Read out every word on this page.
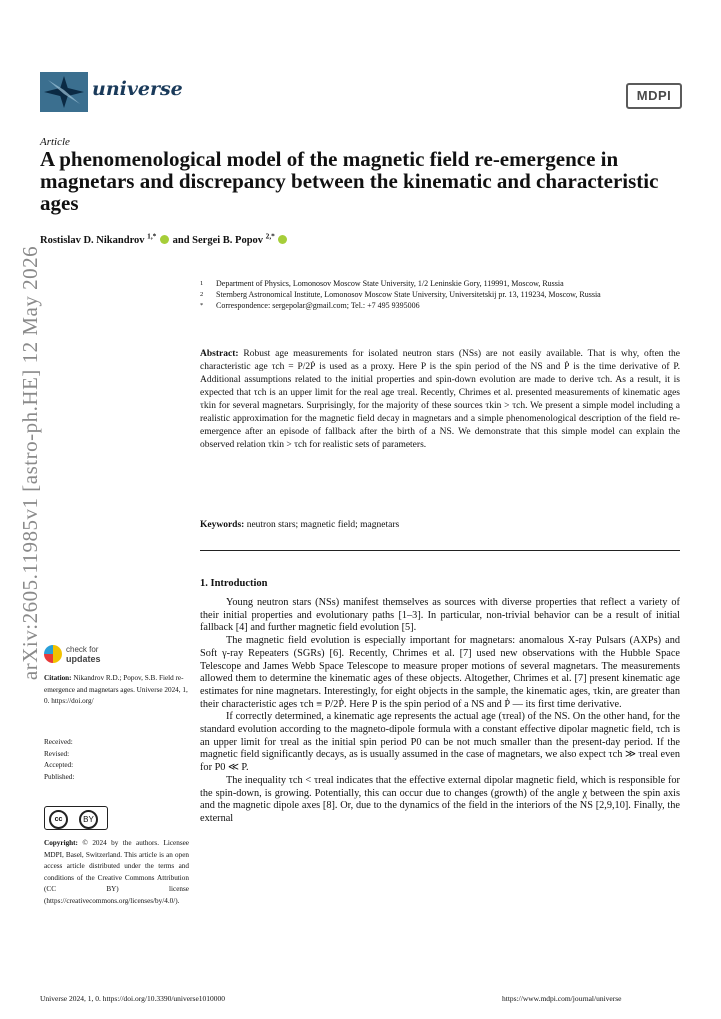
universe	MDPI
Article
A phenomenological model of the magnetic field re-emergence in magnetars and discrepancy between the kinematic and characteristic ages
Rostislav D. Nikandrov $^{1,*}$ and Sergei B. Popov $^{2,*}$
arXiv:2605.11985v1 [astro-ph.HE] 12 May 2026	1	Department of Physics, Lomonosov Moscow State University, 1/2 Leninskie Gory, 119991, Moscow, Russia
2	Sternberg Astronomical Institute, Lomonosov Moscow State University, Universitetskij pr. 13, 119234, Moscow, Russia
*	Correspondence: sergepolar@gmail.com; Tel.: +7 495 9395006
Abstract: Robust age measurements for isolated neutron stars (NSs) are not easily available. That is why, often the characteristic age τch = P/2Ṗ is used as a proxy. Here P is the spin period of the NS and Ṗ is the time derivative of P. Additional assumptions related to the initial properties and spin-down evolution are made to derive τch. As a result, it is expected that τch is an upper limit for the real age τreal. Recently, Chrimes et al. presented measurements of kinematic ages τkin for several magnetars. Surprisingly, for the majority of these sources τkin > τch. We present a simple model including a realistic approximation for the magnetic field decay in magnetars and a simple phenomenological description of the field re-emergence after an episode of fallback after the birth of a NS. We demonstrate that this simple model can explain the observed relation τkin > τch for realistic sets of parameters.
Keywords: neutron stars; magnetic field; magnetars
1. Introduction

Young neutron stars (NSs) manifest themselves as sources with diverse properties that reflect a variety of their initial properties and evolutionary paths [1–3]. In particular, non-trivial behavior can be a result of initial fallback [4] and further magnetic field evolution [5].

The magnetic field evolution is especially important for magnetars: anomalous X-ray Pulsars (AXPs) and Soft γ-ray Repeaters (SGRs) [6]. Recently, Chrimes et al. [7] used new observations with the Hubble Space Telescope and James Webb Space Telescope to measure proper motions of several magnetars. The measurements allowed them to determine the kinematic ages of these objects. Altogether, Chrimes et al. [7] present kinematic age estimates for nine magnetars. Interestingly, for eight objects in the sample, the kinematic ages, τkin, are greater than their characteristic ages τch ≡ P/2Ṗ. Here P is the spin period of a NS and Ṗ — its first time derivative.

If correctly determined, a kinematic age represents the actual age (τreal) of the NS. On the other hand, for the standard evolution according to the magneto-dipole formula with a constant effective dipolar magnetic field, τch is an upper limit for τreal as the initial spin period P0 can be not much smaller than the present-day period. If the magnetic field significantly decays, as is usually assumed in the case of magnetars, we also expect τch ≫ τreal even for P0 ≪ P.

The inequality τch < τreal indicates that the effective external dipolar magnetic field, which is responsible for the spin-down, is growing. Potentially, this can occur due to changes (growth) of the angle χ between the spin axis and the magnetic dipole axes [8]. Or, due to the dynamics of the field in the interiors of the NS [2,9,10]. Finally, the external

check for
updates
Citation: Nikandrov R.D.; Popov, S.B. Field re-emergence and magnetars ages. Universe 2024, 1, 0. https://doi.org/
Received:
Revised:
Accepted:
Published:
cc	BY
Copyright: © 2024 by the authors. Licensee MDPI, Basel, Switzerland. This article is an open access article distributed under the terms and conditions of the Creative Commons Attribution (CC BY) license (https://creativecommons.org/licenses/by/4.0/).
Universe 2024, 1, 0. https://doi.org/10.3390/universe1010000	https://www.mdpi.com/journal/universe
